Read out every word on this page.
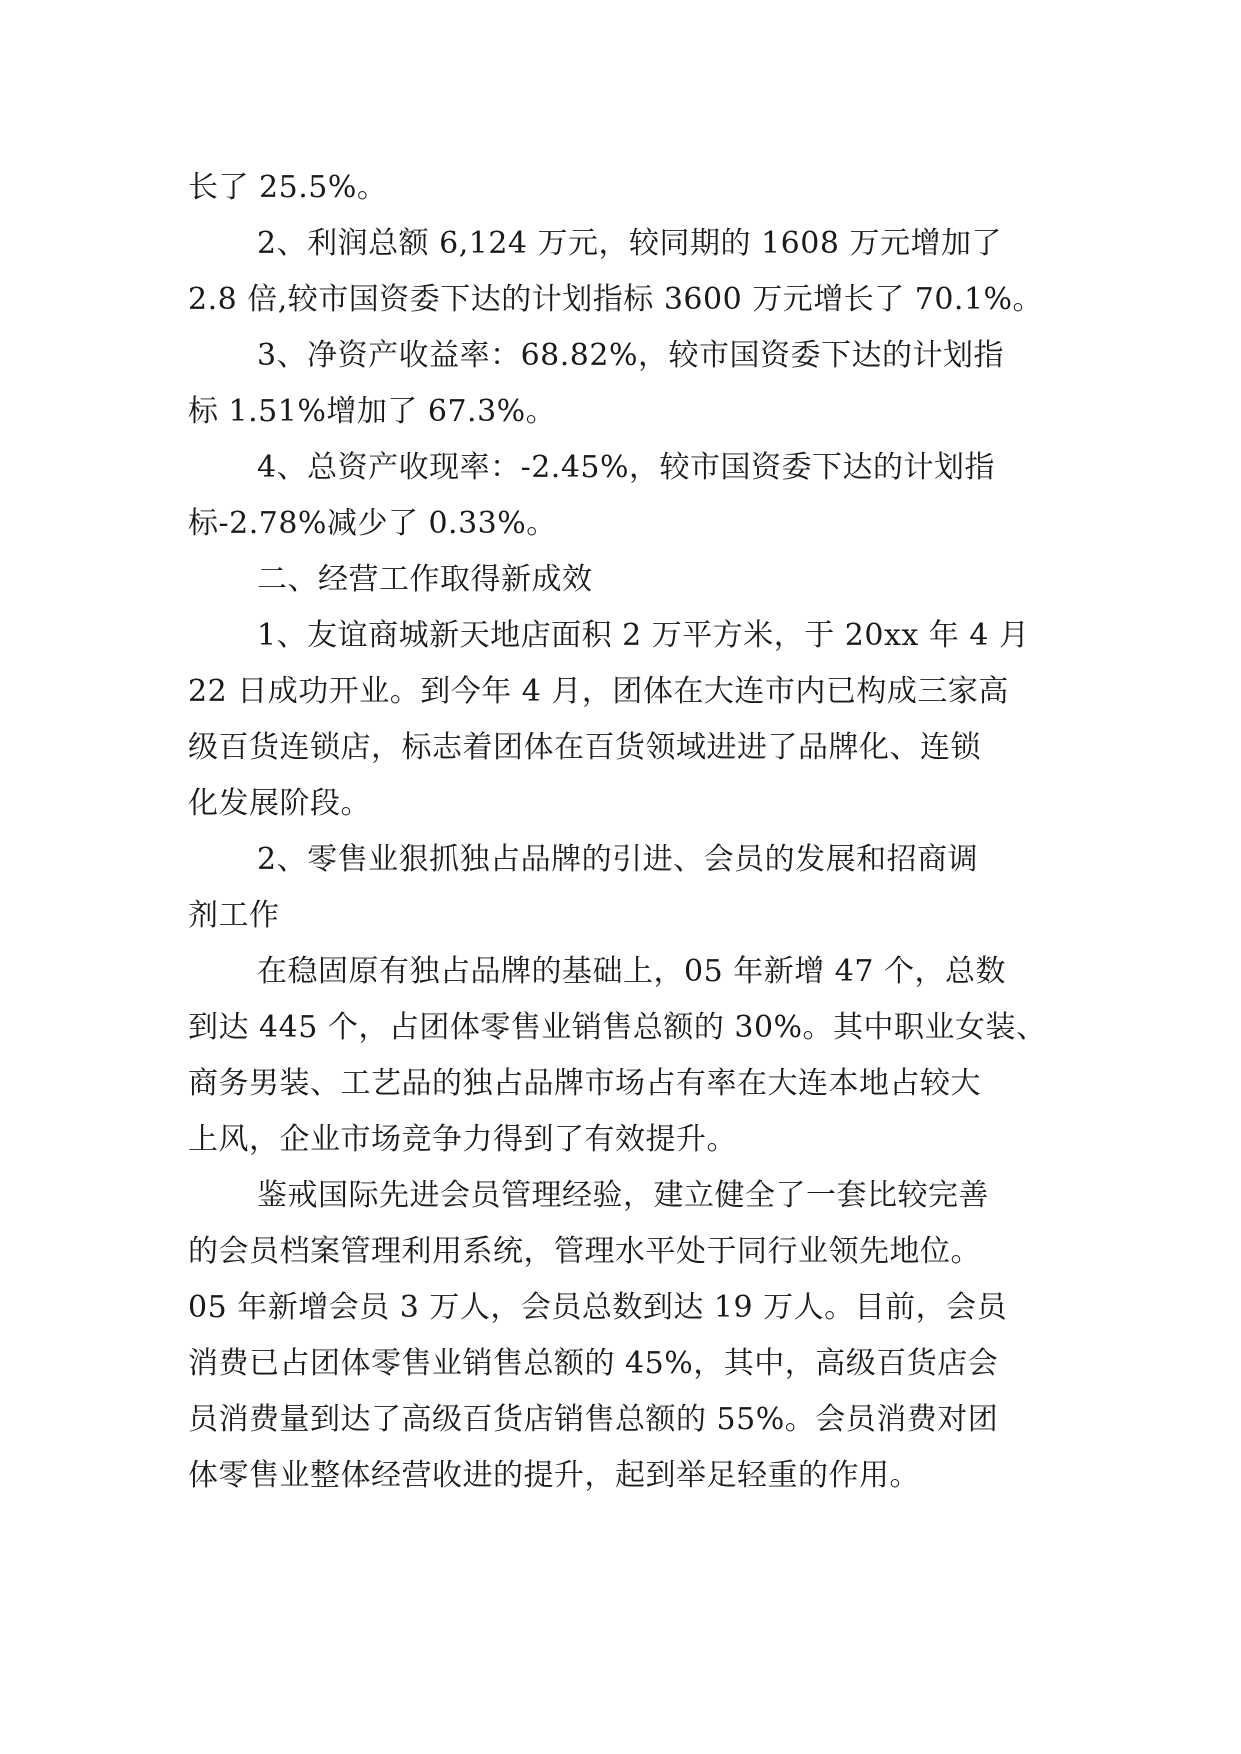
长了 25.5%。
2、利润总额 6,124 万元，较同期的 1608 万元增加了
2.8 倍,较市国资委下达的计划指标 3600 万元增长了 70.1%。
3、净资产收益率：68.82%，较市国资委下达的计划指
标 1.51%增加了 67.3%。
4、总资产收现率：-2.45%，较市国资委下达的计划指
标-2.78%减少了 0.33%。
二、经营工作取得新成效
1、友谊商城新天地店面积 2 万平方米，于 20xx 年 4 月
22 日成功开业。到今年 4 月，团体在大连市内已构成三家高
级百货连锁店，标志着团体在百货领域进进了品牌化、连锁
化发展阶段。
2、零售业狠抓独占品牌的引进、会员的发展和招商调
剂工作
在稳固原有独占品牌的基础上，05 年新增 47 个，总数
到达 445 个，占团体零售业销售总额的 30%。其中职业女装、
商务男装、工艺品的独占品牌市场占有率在大连本地占较大
上风，企业市场竞争力得到了有效提升。
鉴戒国际先进会员管理经验，建立健全了一套比较完善
的会员档案管理利用系统，管理水平处于同行业领先地位。
05 年新增会员 3 万人，会员总数到达 19 万人。目前，会员
消费已占团体零售业销售总额的 45%，其中，高级百货店会
员消费量到达了高级百货店销售总额的 55%。会员消费对团
体零售业整体经营收进的提升，起到举足轻重的作用。
